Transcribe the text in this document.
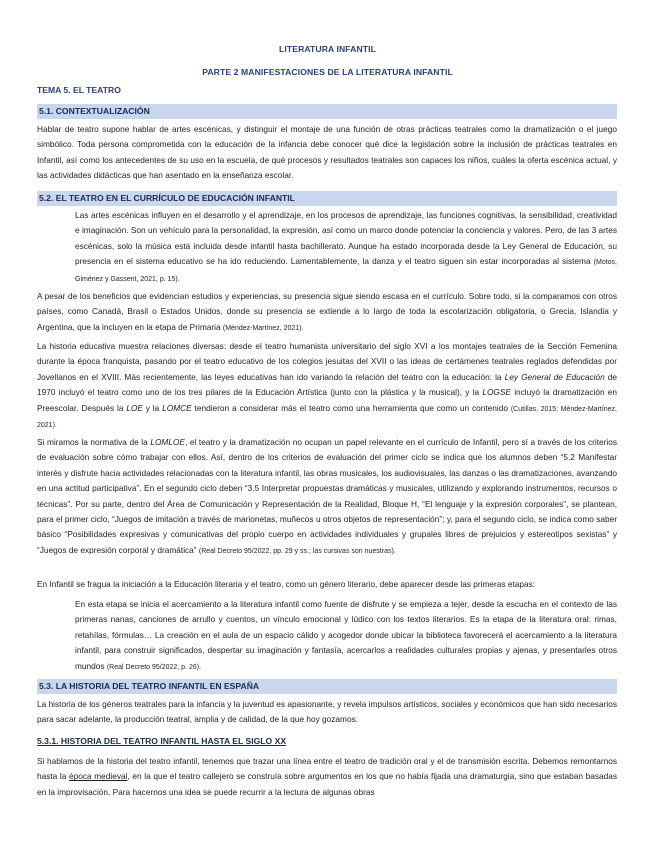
LITERATURA INFANTIL
PARTE 2 MANIFESTACIONES DE LA LITERATURA INFANTIL
TEMA 5. EL TEATRO
5.1. CONTEXTUALIZACIÓN

Hablar de teatro supone hablar de artes escénicas, y distinguir el montaje de una función de otras prácticas teatrales como la dramatización o el juego simbólico. Toda persona comprometida con la educación de la infancia debe conocer qué dice la legislación sobre la inclusión de prácticas teatrales en Infantil, así como los antecedentes de su uso en la escuela, de qué procesos y resultados teatrales son capaces los niños, cuáles la oferta escénica actual, y las actividades didácticas que han asentado en la enseñanza escolar.

5.2. EL TEATRO EN EL CURRÍCULO DE EDUCACIÓN INFANTIL

Las artes escénicas influyen en el desarrollo y el aprendizaje, en los procesos de aprendizaje, las funciones cognitivas, la sensibilidad, creatividad e imaginación. Son un vehículo para la personalidad, la expresión, así como un marco donde potenciar la conciencia y valores. Pero, de las 3 artes escénicas, solo la música está incluida desde infantil hasta bachillerato. Aunque ha estado incorporada desde la Ley General de Educación, su presencia en el sistema educativo se ha ido reduciendo. Lamentablemente, la danza y el teatro siguen sin estar incorporadas al sistema (Motos, Giménez y Gassent, 2021, p. 15).

A pesar de los beneficios que evidencian estudios y experiencias, su presencia sigue siendo escasa en el currículo. Sobre todo, si la comparamos con otros países, como Canadá, Brasil o Estados Unidos, donde su presencia se extiende a lo largo de toda la escolarización obligatoria, o Grecia, Islandia y Argentina, que la incluyen en la etapa de Primaria (Méndez-Martínez, 2021).

La historia educativa muestra relaciones diversas: desde el teatro humanista universitario del siglo XVI a los montajes teatrales de la Sección Femenina durante la época franquista, pasando por el teatro educativo de los colegios jesuitas del XVII o las ideas de certámenes teatrales reglados defendidas por Jovellanos en el XVIII. Más recientemente, las leyes educativas han ido variando la relación del teatro con la educación: la Ley General de Educación de 1970 incluyó el teatro como uno de los tres pilares de la Educación Artística (junto con la plástica y la musical), y la LOGSE incluyó la dramatización en Preescolar. Después la LOE y la LOMCE tendieron a considerar más el teatro como una herramienta que como un contenido (Cutillas, 2015; Méndez-Martínez, 2021).

Si miramos la normativa de la LOMLOE, el teatro y la dramatización no ocupan un papel relevante en el currículo de Infantil, pero sí a través de los criterios de evaluación sobre cómo trabajar con ellos. Así, dentro de los criterios de evaluación del primer ciclo se indica que los alumnos deben “5.2 Manifestar interés y disfrute hacia actividades relacionadas con la literatura infantil, las obras musicales, los audiovisuales, las danzas o las dramatizaciones, avanzando en una actitud participativa”. En el segundo ciclo deben “3.5 Interpretar propuestas dramáticas y musicales, utilizando y explorando instrumentos, recursos o técnicas”. Por su parte, dentro del Área de Comunicación y Representación de la Realidad, Bloque H, “El lenguaje y la expresión corporales”, se plantean, para el primer ciclo, “Juegos de imitación a través de marionetas, muñecos u otros objetos de representación”; y, para el segundo ciclo, se indica como saber básico “Posibilidades expresivas y comunicativas del propio cuerpo en actividades individuales y grupales libres de prejuicios y estereotipos sexistas” y “Juegos de expresión corporal y dramática” (Real Decreto 95/2022, pp. 29 y ss.; las cursivas son nuestras).

En Infantil se fragua la iniciación a la Educación literaria y el teatro, como un género literario, debe aparecer desde las primeras etapas:

En esta etapa se inicia el acercamiento a la literatura infantil como fuente de disfrute y se empieza a tejer, desde la escucha en el contexto de las primeras nanas, canciones de arrullo y cuentos, un vínculo emocional y lúdico con los textos literarios. Es la etapa de la literatura oral: rimas, retahílas, fórmulas… La creación en el aula de un espacio cálido y acogedor donde ubicar la biblioteca favorecerá el acercamiento a la literatura infantil, para construir significados, despertar su imaginación y fantasía, acercarlos a realidades culturales propias y ajenas, y presentarles otros mundos (Real Decreto 95/2022, p. 26).

5.3. LA HISTORIA DEL TEATRO INFANTIL EN ESPAÑA

La historia de los géneros teatrales para la infancia y la juventud es apasionante, y revela impulsos artísticos, sociales y económicos que han sido necesarios para sacar adelante, la producción teatral, amplia y de calidad, de la que hoy gozamos.

5.3.1. HISTORIA DEL TEATRO INFANTIL HASTA EL SIGLO XX

Si hablamos de la historia del teatro infantil, tenemos que trazar una línea entre el teatro de tradición oral y el de transmisión escrita. Debemos remontarnos hasta la época medieval, en la que el teatro callejero se construía sobre argumentos en los que no había fijada una dramaturgia, sino que estaban basadas en la improvisación. Para hacernos una idea se puede recurrir a la lectura de algunas obras
